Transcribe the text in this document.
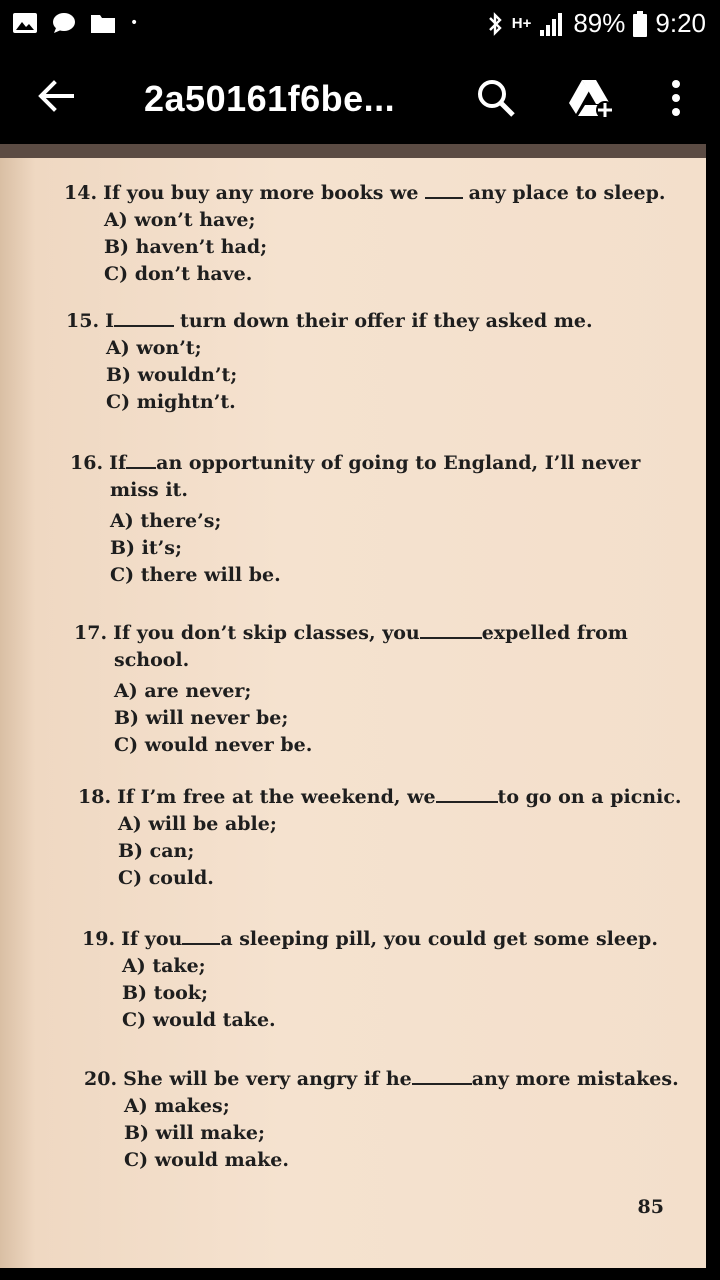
•	H+ 89% 9:20
2a50161f6be...
14. If you buy any more books we	any place to sleep.
A) won’t have;
B) haven’t had;
C) don’t have.
15. I	turn down their offer if they asked me.
A) won’t;
B) wouldn’t;
C) mightn’t.
16. If an opportunity of going to England, I’ll never
miss it.
A) there’s;
B) it’s;
C) there will be.
17. If you don’t skip classes, you	expelled from
school.
A) are never;
B) will never be;
C) would never be.
18. If I’m free at the weekend, we	to go on a picnic.
A) will be able;
B) can;
C) could.
19. If you a sleeping pill, you could get some sleep.
A) take;
B) took;
C) would take.
20. She will be very angry if he	any more mistakes.
A) makes;
B) will make;
C) would make.
85
